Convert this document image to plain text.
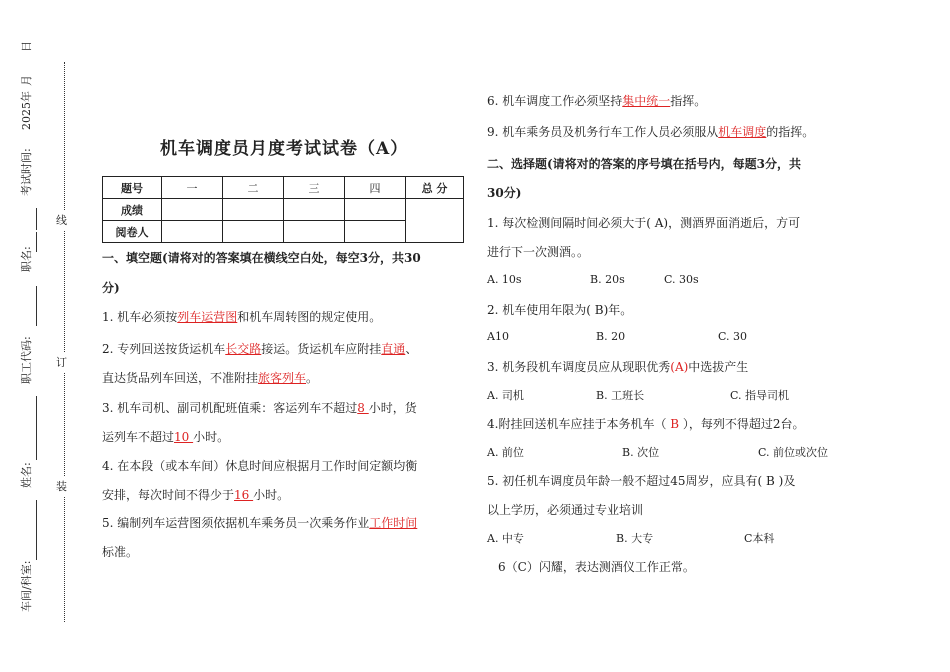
考试时间:
2025年
月
日
职名:
职工代码:
姓名:
车间/科室:
线
订
装
机车调度员月度考试试卷（A）
题号	一	二	三	四	总 分
成绩					
阅卷人					
一、填空题(请将对的答案填在横线空白处，每空3分，共30
分)
1. 机车必须按列车运营图和机车周转图的规定使用。
2. 专列回送按货运机车长交路接运。货运机车应附挂直通、
直达货品列车回送，不准附挂旅客列车。
3. 机车司机、副司机配班值乘：客运列车不超过8 小时，货
运列车不超过10 小时。
4. 在本段（或本车间）休息时间应根据月工作时间定额均衡
安排，每次时间不得少于16 小时。
5. 编制列车运营图须依据机车乘务员一次乘务作业工作时间
标准。
6. 机车调度工作必须坚持集中统一指挥。
9. 机车乘务员及机务行车工作人员必须服从机车调度的指挥。
二、选择题(请将对的答案的序号填在括号内，每题3分，共
30分)
1. 每次检测间隔时间必须大于( A)，测酒界面消逝后，方可
进行下一次测酒。。
A. 10s	B. 20s	C. 30s
2. 机车使用年限为( B)年。
A10	B. 20	C. 30
3. 机务段机车调度员应从现职优秀(A)中选拔产生
A. 司机	B. 工班长	C. 指导司机
4.附挂回送机车应挂于本务机车（ B ），每列不得超过2台。
A. 前位	B. 次位	C. 前位或次位
5. 初任机车调度员年龄一般不超过45周岁，应具有( B )及
以上学历，必须通过专业培训
A. 中专	B. 大专	C本科
6（C）闪耀，表达测酒仪工作正常。
